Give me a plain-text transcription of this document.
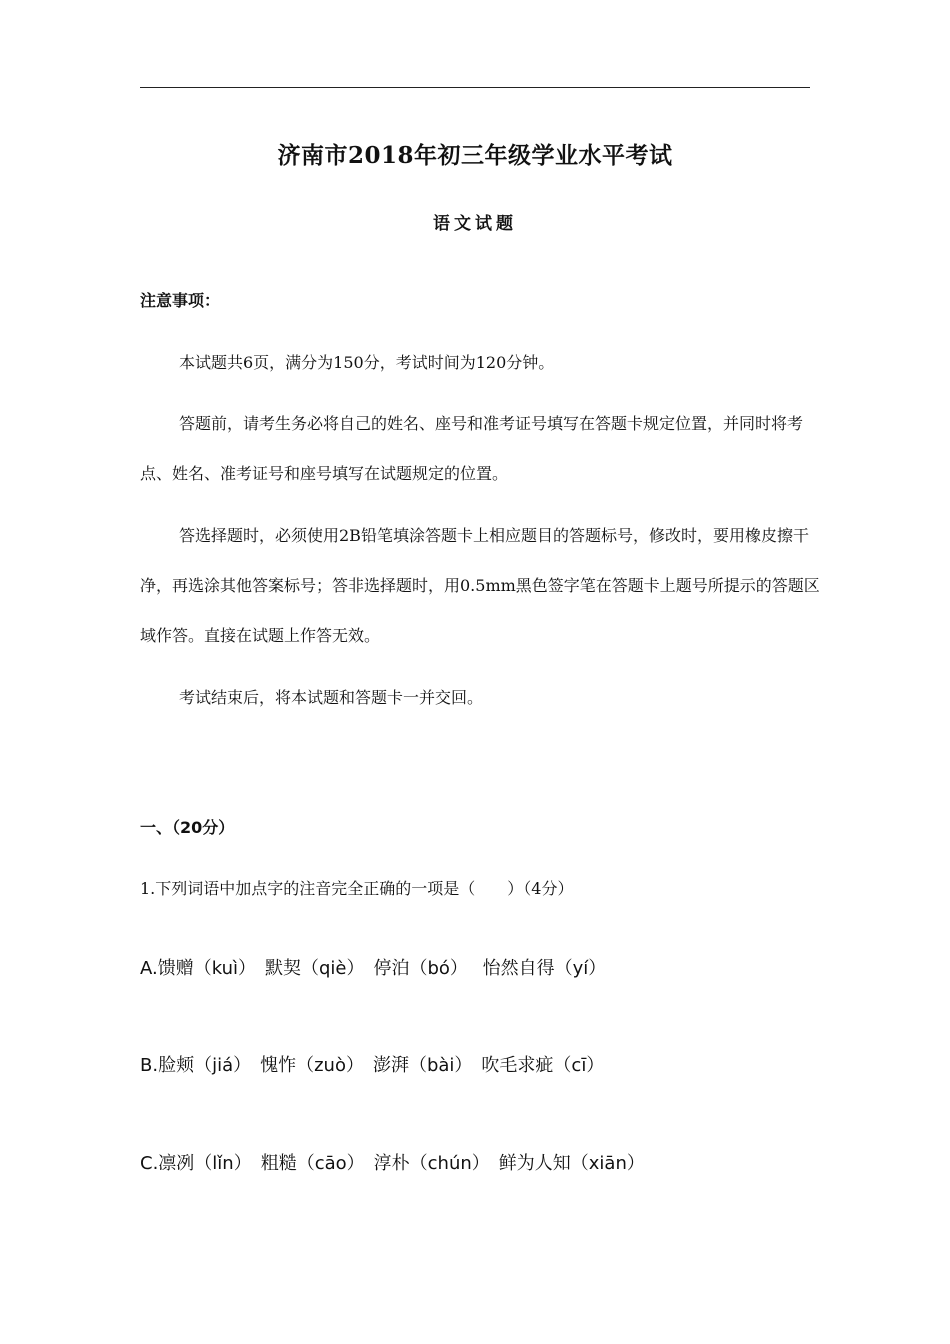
济南市2018年初三年级学业水平考试
语文试题
注意事项：
本试题共6页，满分为150分，考试时间为120分钟。
答题前，请考生务必将自己的姓名、座号和准考证号填写在答题卡规定位置，并同时将考点、姓名、准考证号和座号填写在试题规定的位置。
答选择题时，必须使用2B铅笔填涂答题卡上相应题目的答题标号，修改时，要用橡皮擦干净，再选涂其他答案标号；答非选择题时，用0.5mm黑色签字笔在答题卡上题号所提示的答题区域作答。直接在试题上作答无效。
考试结束后，将本试题和答题卡一并交回。
一、（20分）
1.下列词语中加点字的注音完全正确的一项是（　　）（4分）
A.馈赠（kuì）　默契（qiè）　停泊（bó）　 怡然自得（yí）
B.脸颊（jiá）　愧怍（zuò）　澎湃（bài）　吹毛求疵（cī）
C.凛冽（lǐn）　粗糙（cāo）　淳朴（chún）　鲜为人知（xiān）
